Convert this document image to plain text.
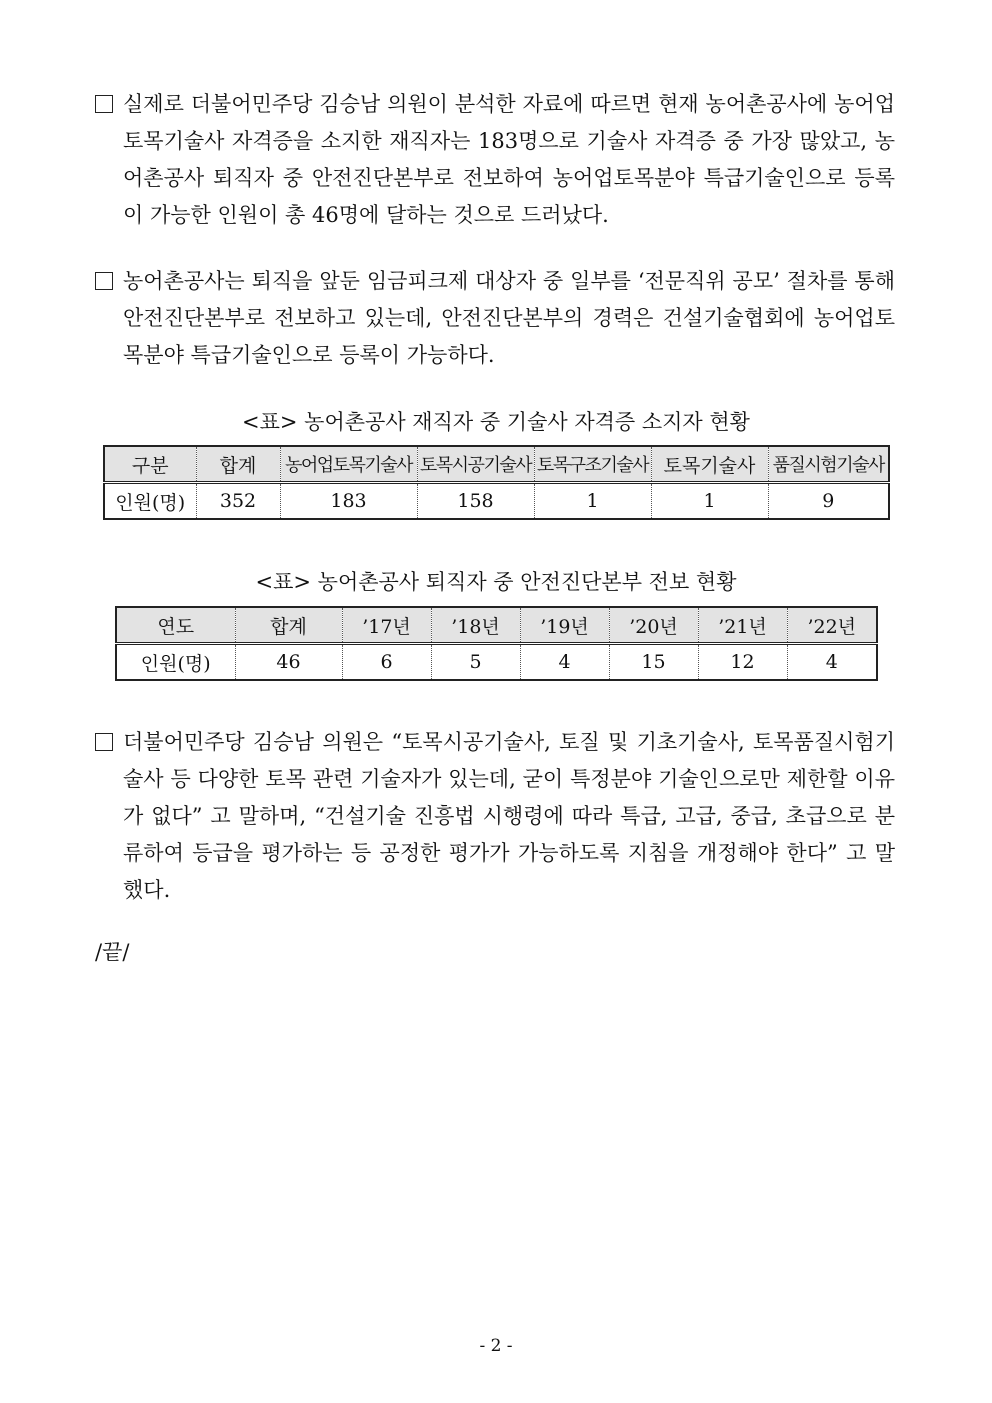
실제로 더불어민주당 김승남 의원이 분석한 자료에 따르면 현재 농어촌공사에 농어업토목기술사 자격증을 소지한 재직자는 183명으로 기술사 자격증 중 가장 많았고, 농어촌공사 퇴직자 중 안전진단본부로 전보하여 농어업토목분야 특급기술인으로 등록이 가능한 인원이 총 46명에 달하는 것으로 드러났다.
농어촌공사는 퇴직을 앞둔 임금피크제 대상자 중 일부를 ‘전문직위 공모’ 절차를 통해 안전진단본부로 전보하고 있는데, 안전진단본부의 경력은 건설기술협회에 농어업토목분야 특급기술인으로 등록이 가능하다.
<표> 농어촌공사 재직자 중 기술사 자격증 소지자 현황
구분	합계	농어업토목기술사	토목시공기술사	토목구조기술사	토목기술사	품질시험기술사
인원(명)	352	183	158	1	1	9
<표> 농어촌공사 퇴직자 중 안전진단본부 전보 현황
연도	합계	’17년	’18년	’19년	’20년	’21년	’22년
인원(명)	46	6	5	4	15	12	4
더불어민주당 김승남 의원은 “토목시공기술사, 토질 및 기초기술사, 토목품질시험기술사 등 다양한 토목 관련 기술자가 있는데, 굳이 특정분야 기술인으로만 제한할 이유가 없다” 고 말하며, “건설기술 진흥법 시행령에 따라 특급, 고급, 중급, 초급으로 분류하여 등급을 평가하는 등 공정한 평가가 가능하도록 지침을 개정해야 한다” 고 말했다.
/끝/
- 2 -
